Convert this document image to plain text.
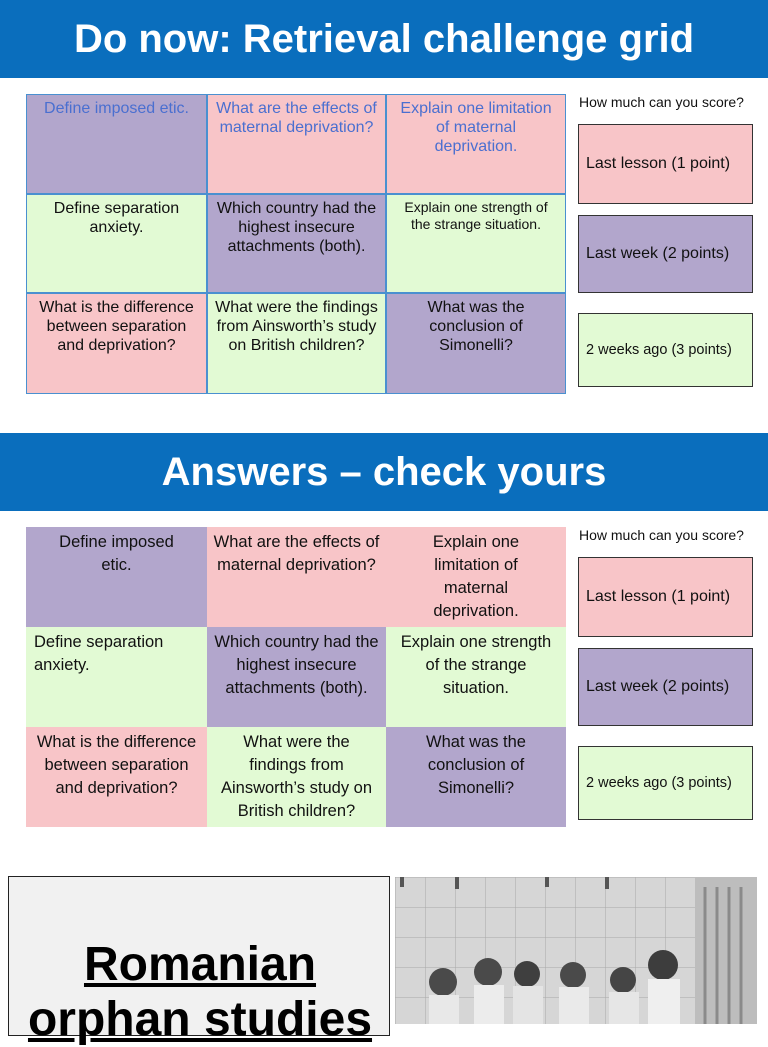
Do now: Retrieval challenge grid
Define imposed etic.	What are the effects of maternal deprivation?
Explain one limitation of maternal deprivation.
Define separation anxiety.
Which country had the highest insecure attachments (both).
Explain one strength of the strange situation.
What is the difference between separation and deprivation?
What were the findings from Ainsworth’s study on British children?
What was the conclusion of Simonelli?
How much can you score?
Last lesson (1 point)
Last week (2 points)
2 weeks ago (3 points)
Answers – check yours
Define imposed etic.
What are the effects of maternal deprivation?
Explain one limitation of maternal deprivation.
Define separation anxiety.
Which country had the highest insecure attachments (both).
Explain one strength of the strange situation.
What is the difference between separation and deprivation?
What were the findings from Ainsworth’s study on British children?
What was the conclusion of Simonelli?
How much can you score?
Last lesson (1 point)
Last week (2 points)
2 weeks ago (3 points)
Romanian orphan studies
